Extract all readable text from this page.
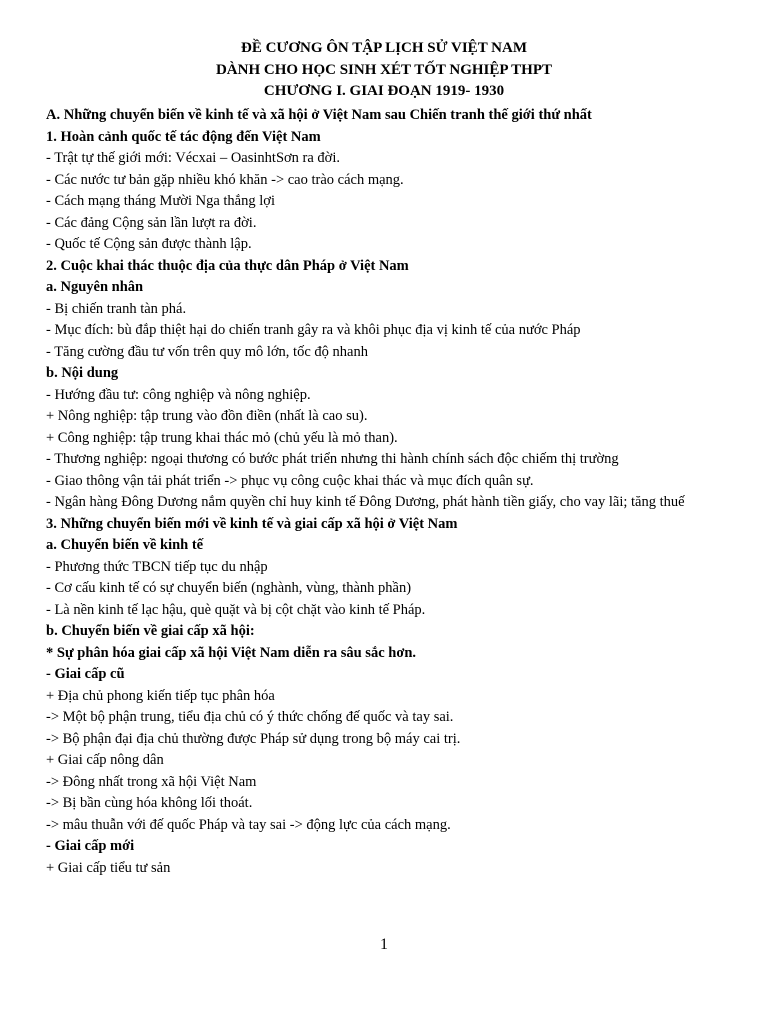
ĐỀ CƯƠNG ÔN TẬP LỊCH SỬ VIỆT NAM
DÀNH CHO HỌC SINH XÉT TỐT NGHIỆP THPT
CHƯƠNG I. GIAI ĐOẠN 1919- 1930
A. Những chuyển biến về kinh tế và xã hội ở Việt Nam sau Chiến tranh thế giới thứ nhất
1. Hoàn cảnh quốc tế tác động đến Việt Nam
- Trật tự thế giới mới: Vécxai – OasinhtSơn ra đời.
- Các nước tư bản gặp nhiều khó khăn -> cao trào cách mạng.
- Cách mạng tháng Mười Nga thắng lợi
- Các đảng Cộng sản lần lượt ra đời.
- Quốc tế Cộng sản được thành lập.
2. Cuộc khai thác thuộc địa của thực dân Pháp ở Việt Nam
a. Nguyên nhân
- Bị chiến tranh tàn phá.
- Mục đích: bù đắp thiệt hại do chiến tranh gây ra và khôi phục địa vị kinh tế của nước Pháp
- Tăng cường đầu tư vốn trên quy mô lớn, tốc độ nhanh
b. Nội dung
- Hướng đầu tư: công nghiệp và nông nghiệp.
+ Nông nghiệp: tập trung vào đồn điền (nhất là cao su).
+ Công nghiệp: tập trung khai thác mỏ (chủ yếu là mỏ than).
- Thương nghiệp: ngoại thương có bước phát triển nhưng thi hành chính sách độc chiếm thị trường
- Giao thông vận tải phát triển -> phục vụ công cuộc khai thác và mục đích quân sự.
- Ngân hàng Đông Dương nắm quyền chỉ huy kinh tế Đông Dương, phát hành tiền giấy, cho vay lãi; tăng thuế
3. Những chuyển biến mới về kinh tế và giai cấp xã hội ở Việt Nam
a. Chuyển biến về kinh tế
- Phương thức TBCN tiếp tục du nhập
- Cơ cấu kinh tế có sự chuyển biến (nghành, vùng, thành phần)
- Là nền kinh tế lạc hậu, què quặt và bị cột chặt vào kinh tế Pháp.
b. Chuyển biến về giai cấp xã hội:
* Sự phân hóa giai cấp xã hội Việt Nam diễn ra sâu sắc hơn.
- Giai cấp cũ
+ Địa chủ phong kiến tiếp tục phân hóa
-> Một bộ phận trung, tiểu địa chủ có ý thức chống đế quốc và tay sai.
-> Bộ phận đại địa chủ thường được Pháp sử dụng trong bộ máy cai trị.
+ Giai cấp nông dân
-> Đông nhất trong xã hội Việt Nam
-> Bị bần cùng hóa không lối thoát.
-> mâu thuẫn với đế quốc Pháp và tay sai -> động lực của cách mạng.
- Giai cấp mới
+ Giai cấp tiểu tư sản
1
